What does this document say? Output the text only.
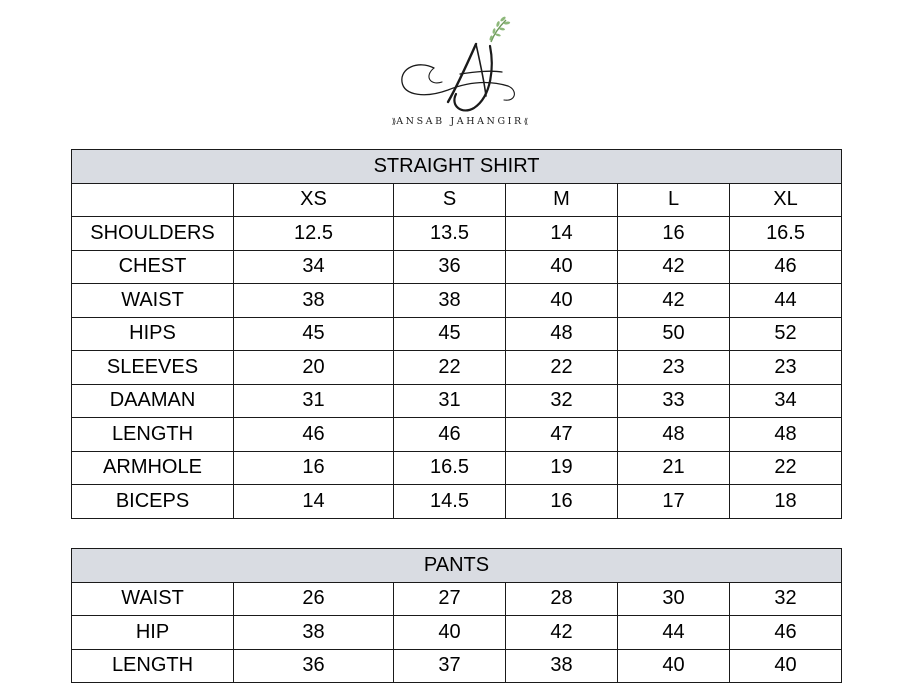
⟫ANSAB JAHANGIR⟪
STRAIGHT SHIRT					
	XS	S	M	L	XL
SHOULDERS	12.5	13.5	14	16	16.5
CHEST	34	36	40	42	46
WAIST	38	38	40	42	44
HIPS	45	45	48	50	52
SLEEVES	20	22	22	23	23
DAAMAN	31	31	32	33	34
LENGTH	46	46	47	48	48
ARMHOLE	16	16.5	19	21	22
BICEPS	14	14.5	16	17	18
PANTS					
WAIST	26	27	28	30	32
HIP	38	40	42	44	46
LENGTH	36	37	38	40	40
